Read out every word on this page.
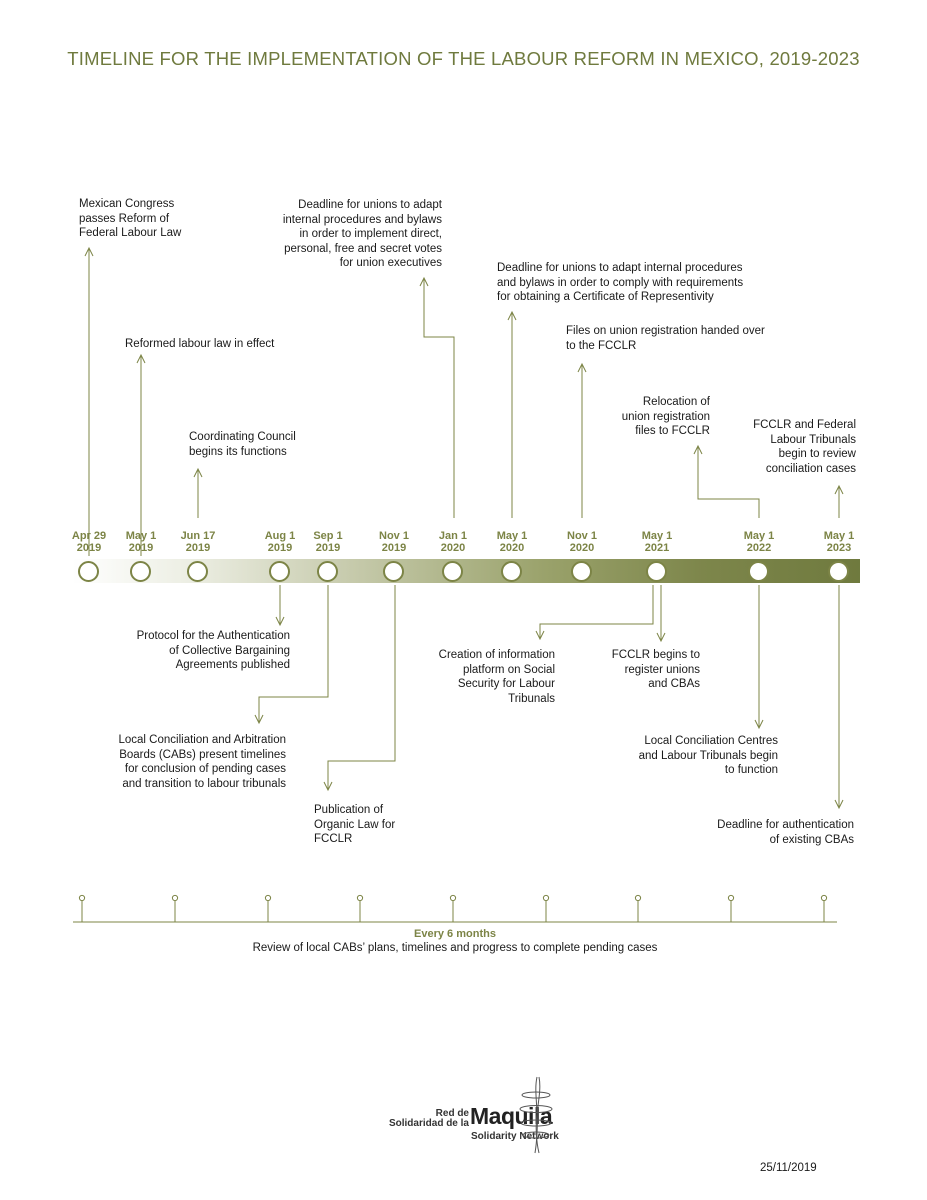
TIMELINE FOR THE IMPLEMENTATION OF THE LABOUR REFORM IN MEXICO, 2019-2023
Apr 29
2019
May 1
2019
Jun 17
2019
Aug 1
2019
Sep 1
2019
Nov 1
2019
Jan 1
2020
May 1
2020
Nov 1
2020
May 1
2021
May 1
2022
May 1
2023
Mexican Congress
passes Reform of
Federal Labour Law
Reformed labour law in effect
Coordinating Council
begins its functions
Deadline for unions to adapt
internal procedures and bylaws
in order to implement direct,
personal, free and secret votes
for union executives	Deadline for unions to adapt internal procedures
and bylaws in order to comply with requirements
for obtaining a Certificate of Representivity
Files on union registration handed over
to the FCCLR
Relocation of
union registration
files to FCCLR	FCCLR and Federal
Labour Tribunals
begin to review
conciliation cases
Protocol for the Authentication
of Collective Bargaining
Agreements published
Local Conciliation and Arbitration
Boards (CABs) present timelines
for conclusion of pending cases
and transition to labour tribunals
Publication of
Organic Law for
FCCLR
Creation of information
platform on Social
Security for Labour
Tribunals
FCCLR begins to
register unions
and CBAs
Local Conciliation Centres
and Labour Tribunals begin
to function
Deadline for authentication
of existing CBAs
Every 6 months
Review of local CABs’ plans, timelines and progress to complete pending cases
Red de
Solidaridad de la Maquila
Solidarity Network
25/11/2019
